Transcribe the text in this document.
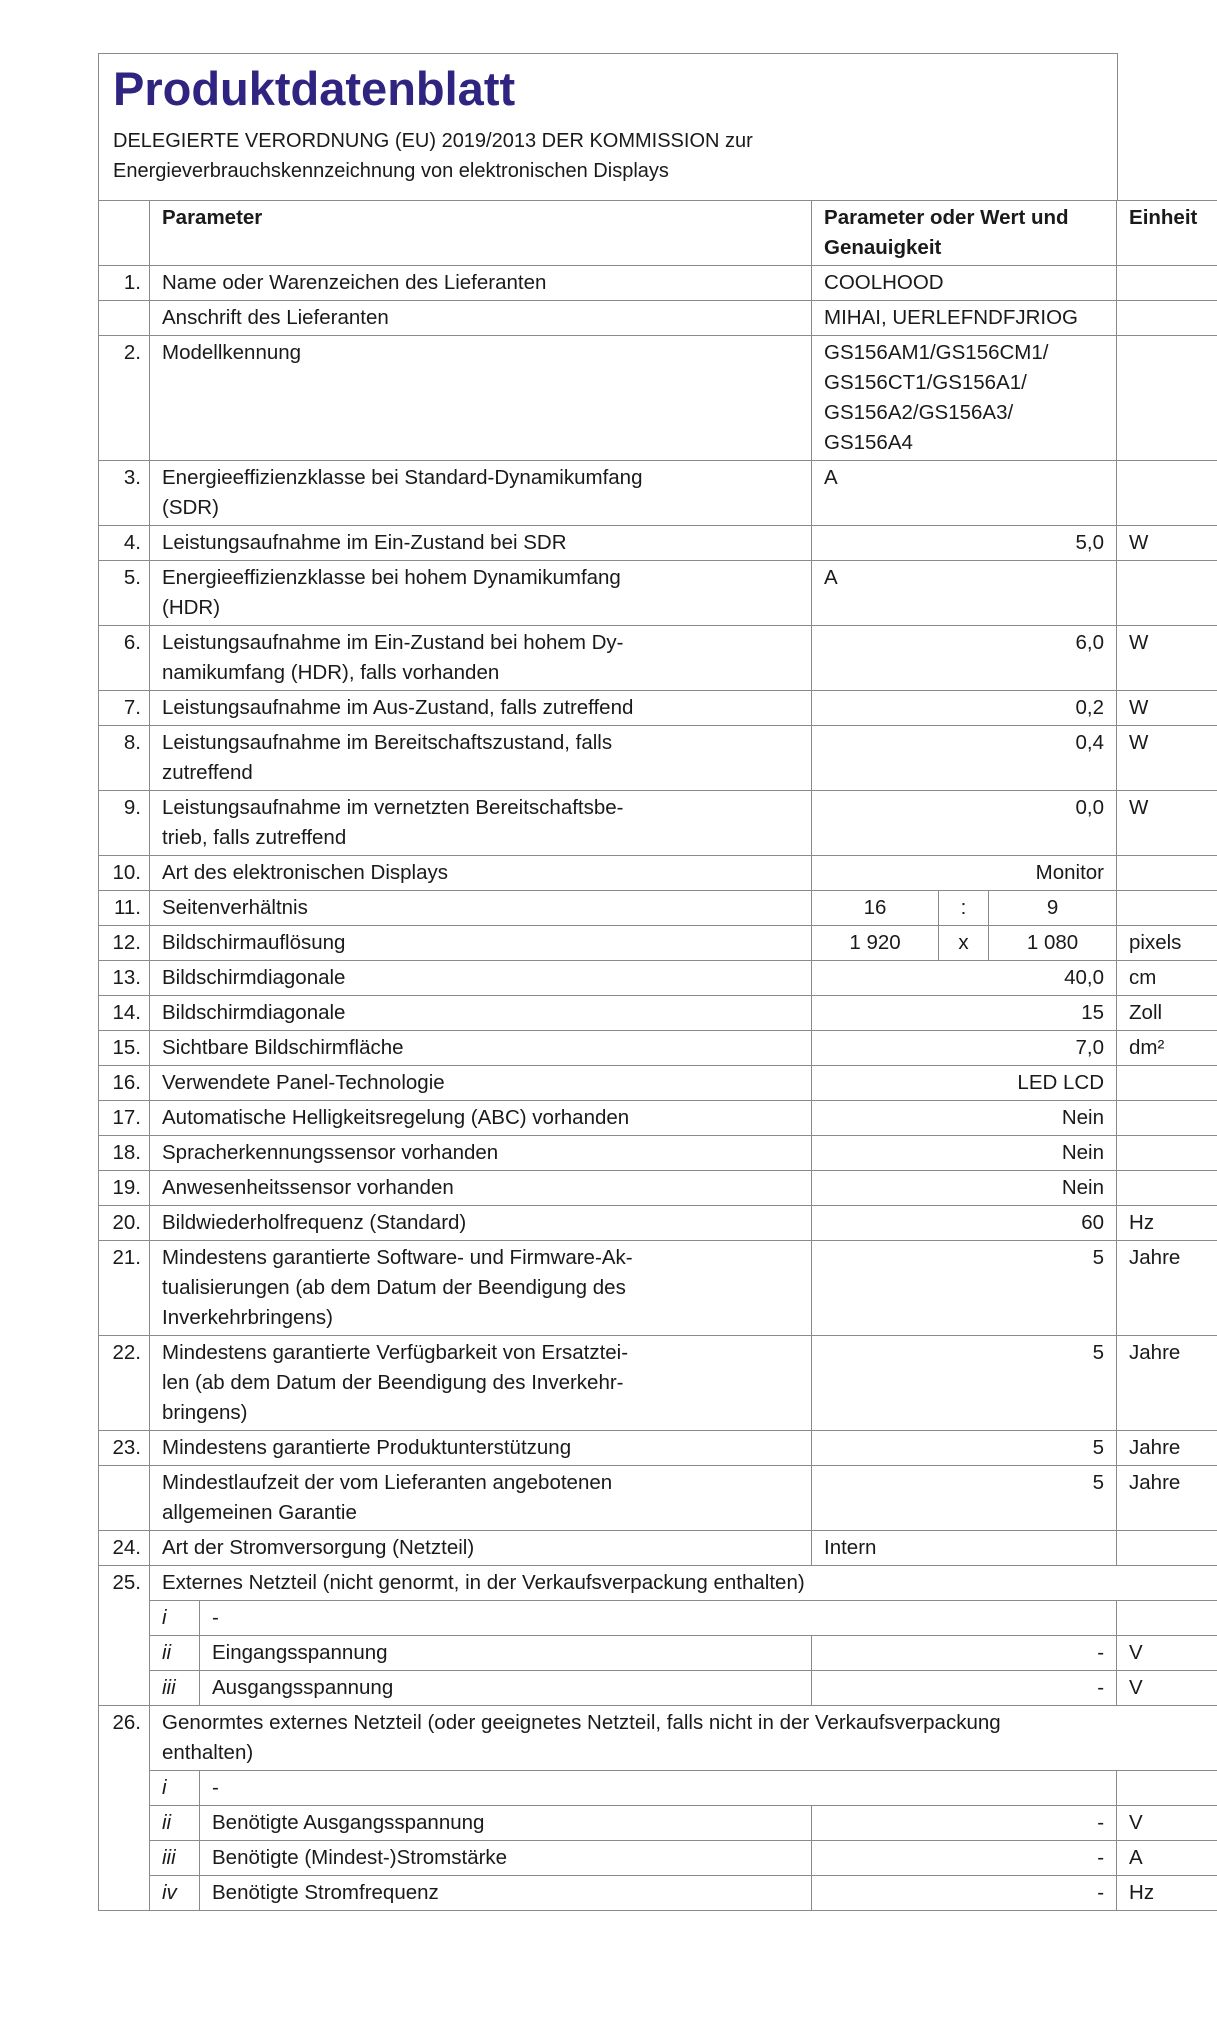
Produktdatenblatt
DELEGIERTE VERORDNUNG (EU) 2019/2013 DER KOMMISSION zur
Energieverbrauchskennzeichnung von elektronischen Displays
	Parameter		Parameter oder Wert und
Genauigkeit			Einheit
1.	Name oder Warenzeichen des Lieferanten		COOLHOOD			

	Anschrift des Lieferanten		MIHAI, UERLEFNDFJRIOG			
2.	Modellkennung		GS156AM1/GS156CM1/
GS156CT1/GS156A1/
GS156A2/GS156A3/
GS156A4			

3.	Energieeffizienzklasse bei Standard-Dynamikumfang
(SDR)		A			
4.	Leistungsaufnahme im Ein-Zustand bei SDR		5,0			W
5.	Energieeffizienzklasse bei hohem Dynamikumfang
(HDR)		A			
6.	Leistungsaufnahme im Ein-Zustand bei hohem Dy-
namikumfang (HDR), falls vorhanden		6,0			W
7.	Leistungsaufnahme im Aus-Zustand, falls zutreffend		0,2			W
8.	Leistungsaufnahme im Bereitschaftszustand, falls
zutreffend		0,4			W
9.	Leistungsaufnahme im vernetzten Bereitschaftsbe-
trieb, falls zutreffend		0,0			W
10.	Art des elektronischen Displays		Monitor			
11.	Seitenverhältnis		16	:	9	
12.	Bildschirmauflösung		1 920	x	1 080	pixels
13.	Bildschirmdiagonale		40,0			cm
14.	Bildschirmdiagonale		15			Zoll
15.	Sichtbare Bildschirmfläche		7,0			dm²
16.	Verwendete Panel-Technologie		LED LCD			
17.	Automatische Helligkeitsregelung (ABC) vorhanden		Nein			
18.	Spracherkennungssensor vorhanden		Nein			
19.	Anwesenheitssensor vorhanden		Nein			
20.	Bildwiederholfrequenz (Standard)		60			Hz
21.	Mindestens garantierte Software- und Firmware-Ak-
tualisierungen (ab dem Datum der Beendigung des
Inverkehrbringens)		5			Jahre
22.	Mindestens garantierte Verfügbarkeit von Ersatztei-
len (ab dem Datum der Beendigung des Inverkehr-
bringens)		5			Jahre
23.	Mindestens garantierte Produktunterstützung		5			Jahre

	Mindestlaufzeit der vom Lieferanten angebotenen
allgemeinen Garantie		5			Jahre
24.	Art der Stromversorgung (Netzteil)		Intern			
25.	Externes Netzteil (nicht genormt, in der Verkaufsverpackung enthalten)					
	i	-				
	ii	Eingangsspannung	-			V
	iii	Ausgangsspannung	-			V
26.	Genormtes externes Netzteil (oder geeignetes Netzteil, falls nicht in der Verkaufsverpackung
enthalten)					

	i	-				
	ii	Benötigte Ausgangsspannung	-			V
	iii	Benötigte (Mindest-)Stromstärke	-			A
	iv	Benötigte Stromfrequenz	-			Hz
